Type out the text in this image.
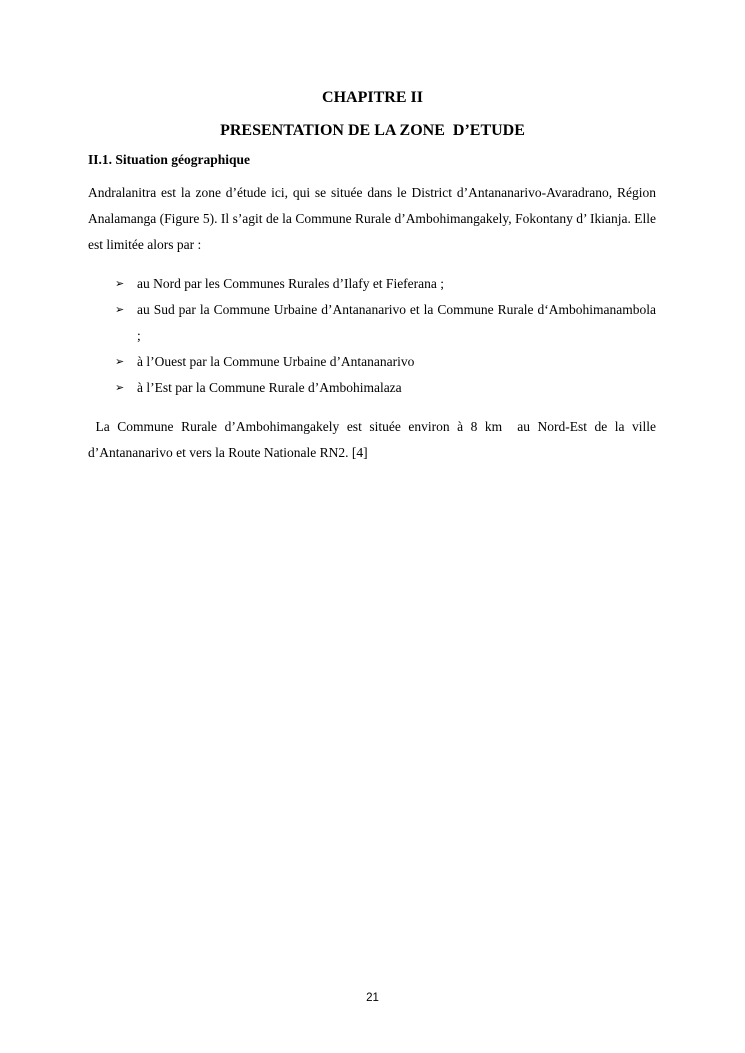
CHAPITRE II
PRESENTATION DE LA ZONE  D’ETUDE
II.1. Situation géographique
Andralanitra est la zone d’étude ici, qui se située dans le District d’Antananarivo-Avaradrano, Région Analamanga (Figure 5). Il s’agit de la Commune Rurale d’Ambohimangakely, Fokontany d’ Ikianja. Elle est limitée alors par :
➢ au Nord par les Communes Rurales d’Ilafy et Fieferana ;
➢ au Sud par la Commune Urbaine d’Antananarivo et la Commune Rurale d‘Ambohimanambola ;
➢ à l’Ouest par la Commune Urbaine d’Antananarivo
➢ à l’Est par la Commune Rurale d’Ambohimalaza
La Commune Rurale d’Ambohimangakely est située environ à 8 km  au Nord-Est de la ville d’Antananarivo et vers la Route Nationale RN2. [4]
21
